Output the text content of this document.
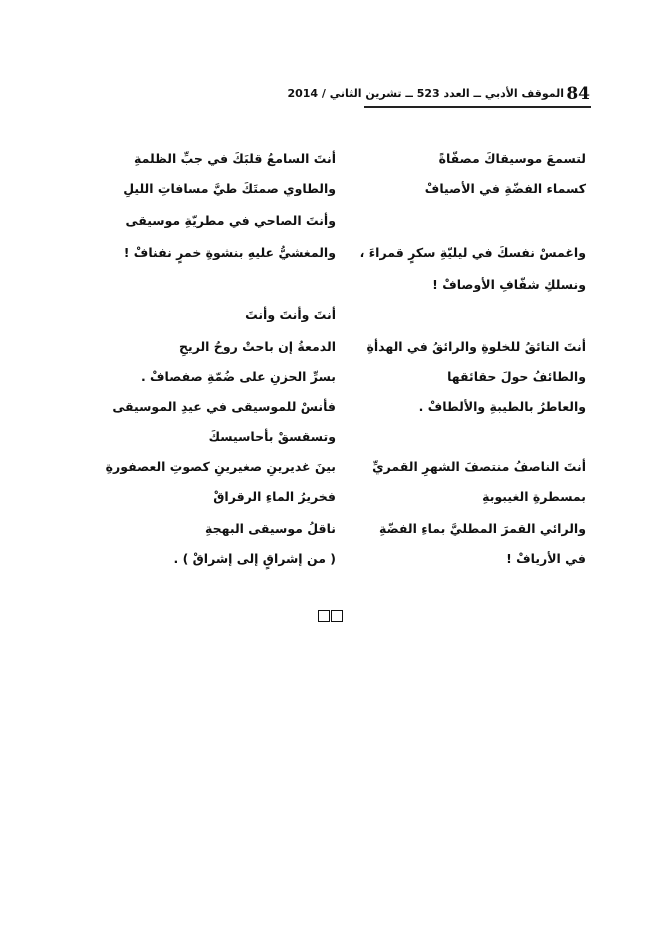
84
الموقف الأدبي ــ العدد 523 ــ تشرين الثاني / 2014
لتسمعَ موسيقاكَ مصفّاةً
كسماء الفضّةِ في الأصيافْ
واغمسْ نفسكَ في ليليّةِ سكرٍ قمراءَ ،
ونسلكِ شفّافِ الأوصافْ !
أنتَ التائقُ للخلوةِ والرائقُ في الهدأةِ
والطائفُ حولَ حقائقها
والعاطرُ بالطيبةِ والألطافْ .
أنتَ الناصفُ منتصفَ الشهرِ القمريِّ
بمسطرةِ الغيبوبةِ
والرائي القمرَ المطليَّ بماءِ الفضّةِ
في الأريافْ !
أنتَ السامعُ قلبَكَ في جبِّ الظلمةِ
والطاوي صمتَكَ طيَّ مسافاتِ الليلِ
وأنتَ الصاحي في مطريّةِ موسيقى
والمغشيُّ عليهِ بنشوةِ خمرٍ نفنافْ !
أنتَ وأنتَ وأنتَ
الدمعةُ إن باحتْ روحُ الريحِ
بسرِّ الحزنِ على ضُمّةِ صفصافْ .
فأنسْ للموسيقى في عيدِ الموسيقى
وتسقسقْ بأحاسيسكَ
بينَ غديرينِ صغيرينِ كصوتِ العصفورةِ
فخريرُ الماءِ الرقراقْ
ناقلُ موسيقى البهجةِ
( من إشراقٍ إلى إشراقْ ) .
